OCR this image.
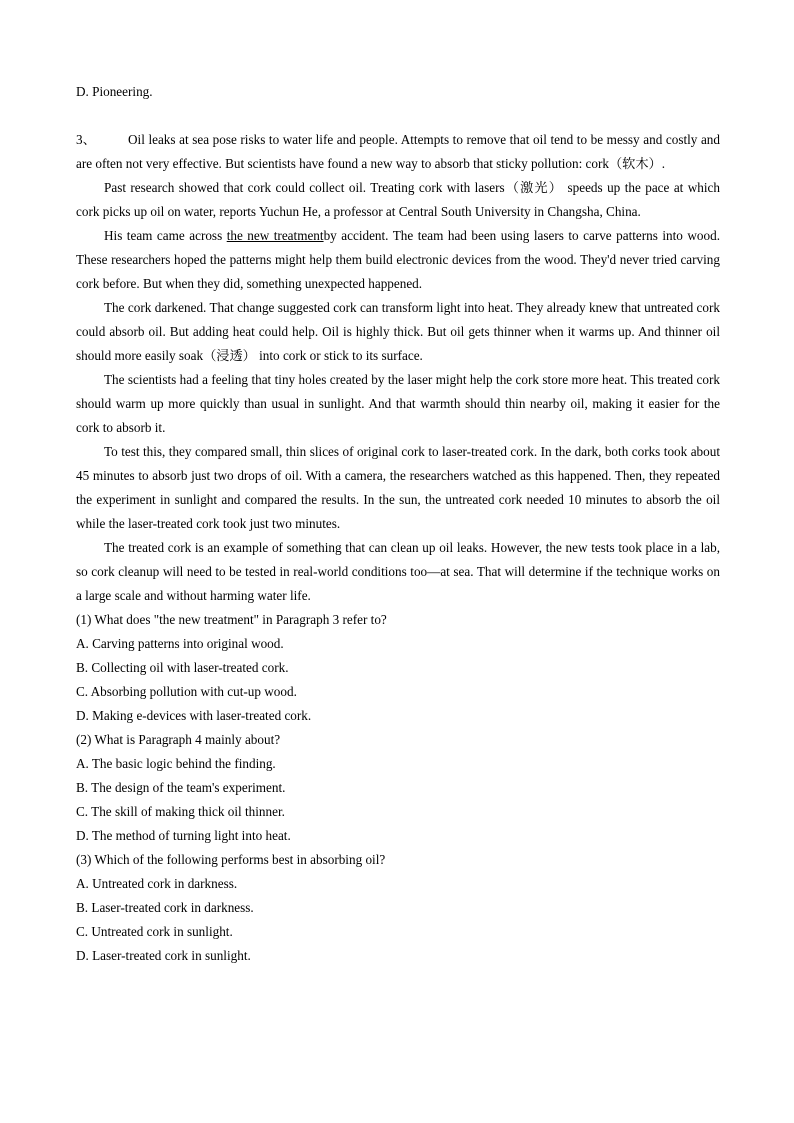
D. Pioneering.

3、 Oil leaks at sea pose risks to water life and people. Attempts to remove that oil tend to be messy and costly and are often not very effective. But scientists have found a new way to absorb that sticky pollution: cork（软木）.

Past research showed that cork could collect oil. Treating cork with lasers（激光） speeds up the pace at which cork picks up oil on water, reports Yuchun He, a professor at Central South University in Changsha, China.

His team came across the new treatmentby accident. The team had been using lasers to carve patterns into wood. These researchers hoped the patterns might help them build electronic devices from the wood. They'd never tried carving cork before. But when they did, something unexpected happened.

The cork darkened. That change suggested cork can transform light into heat. They already knew that untreated cork could absorb oil. But adding heat could help. Oil is highly thick. But oil gets thinner when it warms up. And thinner oil should more easily soak（浸透） into cork or stick to its surface.

The scientists had a feeling that tiny holes created by the laser might help the cork store more heat. This treated cork should warm up more quickly than usual in sunlight. And that warmth should thin nearby oil, making it easier for the cork to absorb it.

To test this, they compared small, thin slices of original cork to laser-treated cork. In the dark, both corks took about 45 minutes to absorb just two drops of oil. With a camera, the researchers watched as this happened. Then, they repeated the experiment in sunlight and compared the results. In the sun, the untreated cork needed 10 minutes to absorb the oil while the laser-treated cork took just two minutes.

The treated cork is an example of something that can clean up oil leaks. However, the new tests took place in a lab, so cork cleanup will need to be tested in real-world conditions too—at sea. That will determine if the technique works on a large scale and without harming water life.

(1) What does "the new treatment" in Paragraph 3 refer to?
A. Carving patterns into original wood.
B. Collecting oil with laser-treated cork.
C. Absorbing pollution with cut-up wood.
D. Making e-devices with laser-treated cork.
(2) What is Paragraph 4 mainly about?
A. The basic logic behind the finding.
B. The design of the team's experiment.
C. The skill of making thick oil thinner.
D. The method of turning light into heat.
(3) Which of the following performs best in absorbing oil?
A. Untreated cork in darkness.
B. Laser-treated cork in darkness.
C. Untreated cork in sunlight.
D. Laser-treated cork in sunlight.
